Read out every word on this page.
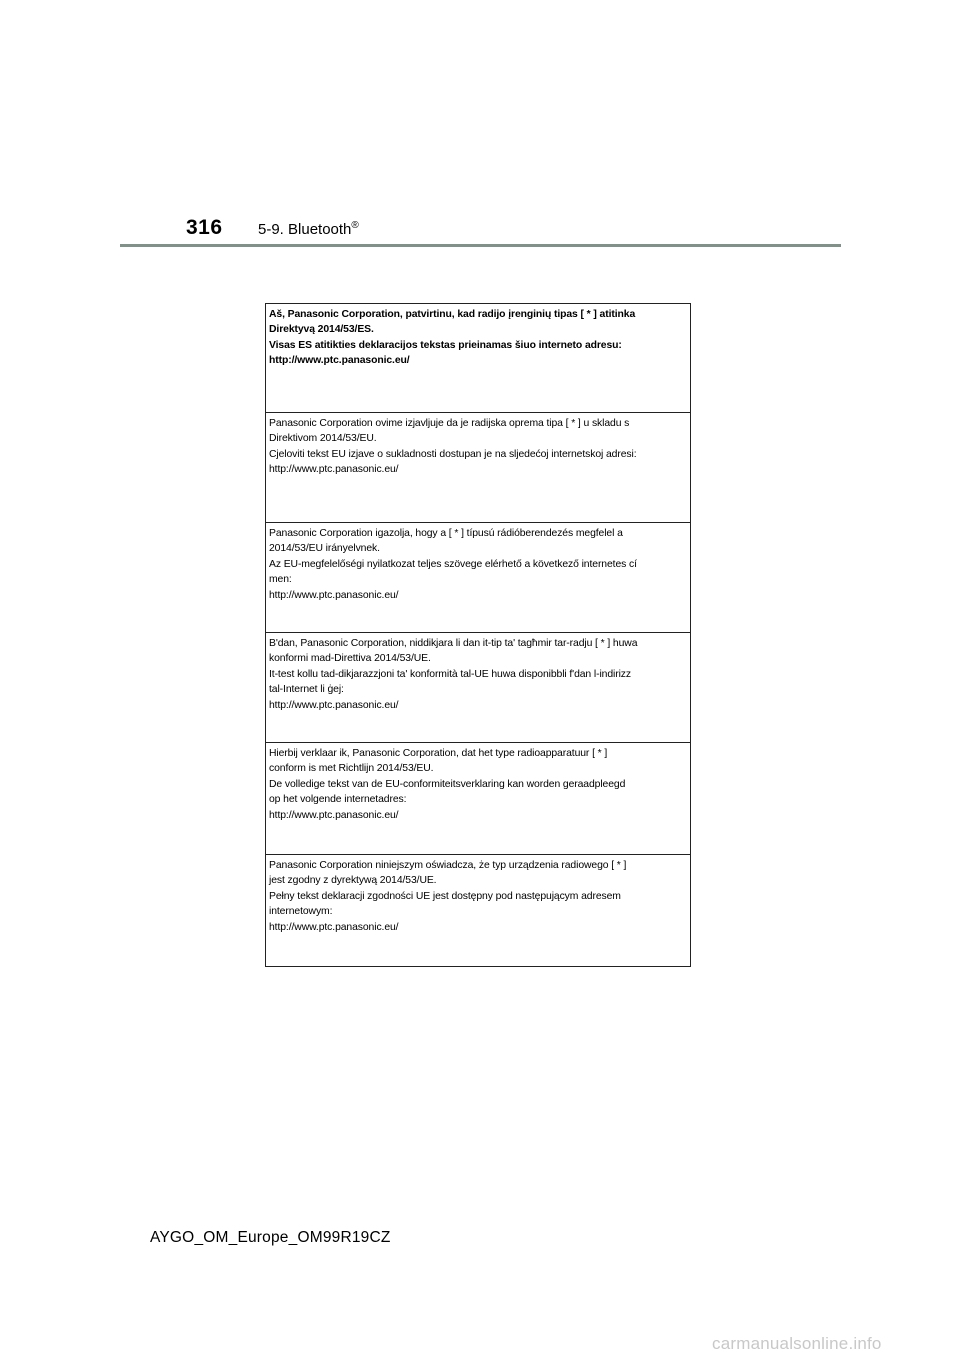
316 5-9. Bluetooth®
Aš, Panasonic Corporation, patvirtinu, kad radijo įrenginių tipas [ * ] atitinka
Direktyvą 2014/53/ES.
Visas ES atitikties deklaracijos tekstas prieinamas šiuo interneto adresu:
http://www.ptc.panasonic.eu/
Panasonic Corporation ovime izjavljuje da je radijska oprema tipa [ * ] u skladu s
Direktivom 2014/53/EU.
Cjeloviti tekst EU izjave o sukladnosti dostupan je na sljedećoj internetskoj adresi:
http://www.ptc.panasonic.eu/
Panasonic Corporation igazolja, hogy a [ * ] típusú rádióberendezés megfelel a
2014/53/EU irányelvnek.
Az EU-megfelelőségi nyilatkozat teljes szövege elérhető a következő internetes cí
men:
http://www.ptc.panasonic.eu/
B'dan, Panasonic Corporation, niddikjara li dan it-tip ta' tagħmir tar-radju [ * ] huwa
konformi mad-Direttiva 2014/53/UE.
It-test kollu tad-dikjarazzjoni ta' konformità tal-UE huwa disponibbli f'dan l-indirizz
tal-Internet li ġej:
http://www.ptc.panasonic.eu/
Hierbij verklaar ik, Panasonic Corporation, dat het type radioapparatuur [ * ]
conform is met Richtlijn 2014/53/EU.
De volledige tekst van de EU-conformiteitsverklaring kan worden geraadpleegd
op het volgende internetadres:
http://www.ptc.panasonic.eu/
Panasonic Corporation niniejszym oświadcza, że typ urządzenia radiowego [ * ]
jest zgodny z dyrektywą 2014/53/UE.
Pełny tekst deklaracji zgodności UE jest dostępny pod następującym adresem
internetowym:
http://www.ptc.panasonic.eu/
AYGO_OM_Europe_OM99R19CZ
carmanualsonline.info
